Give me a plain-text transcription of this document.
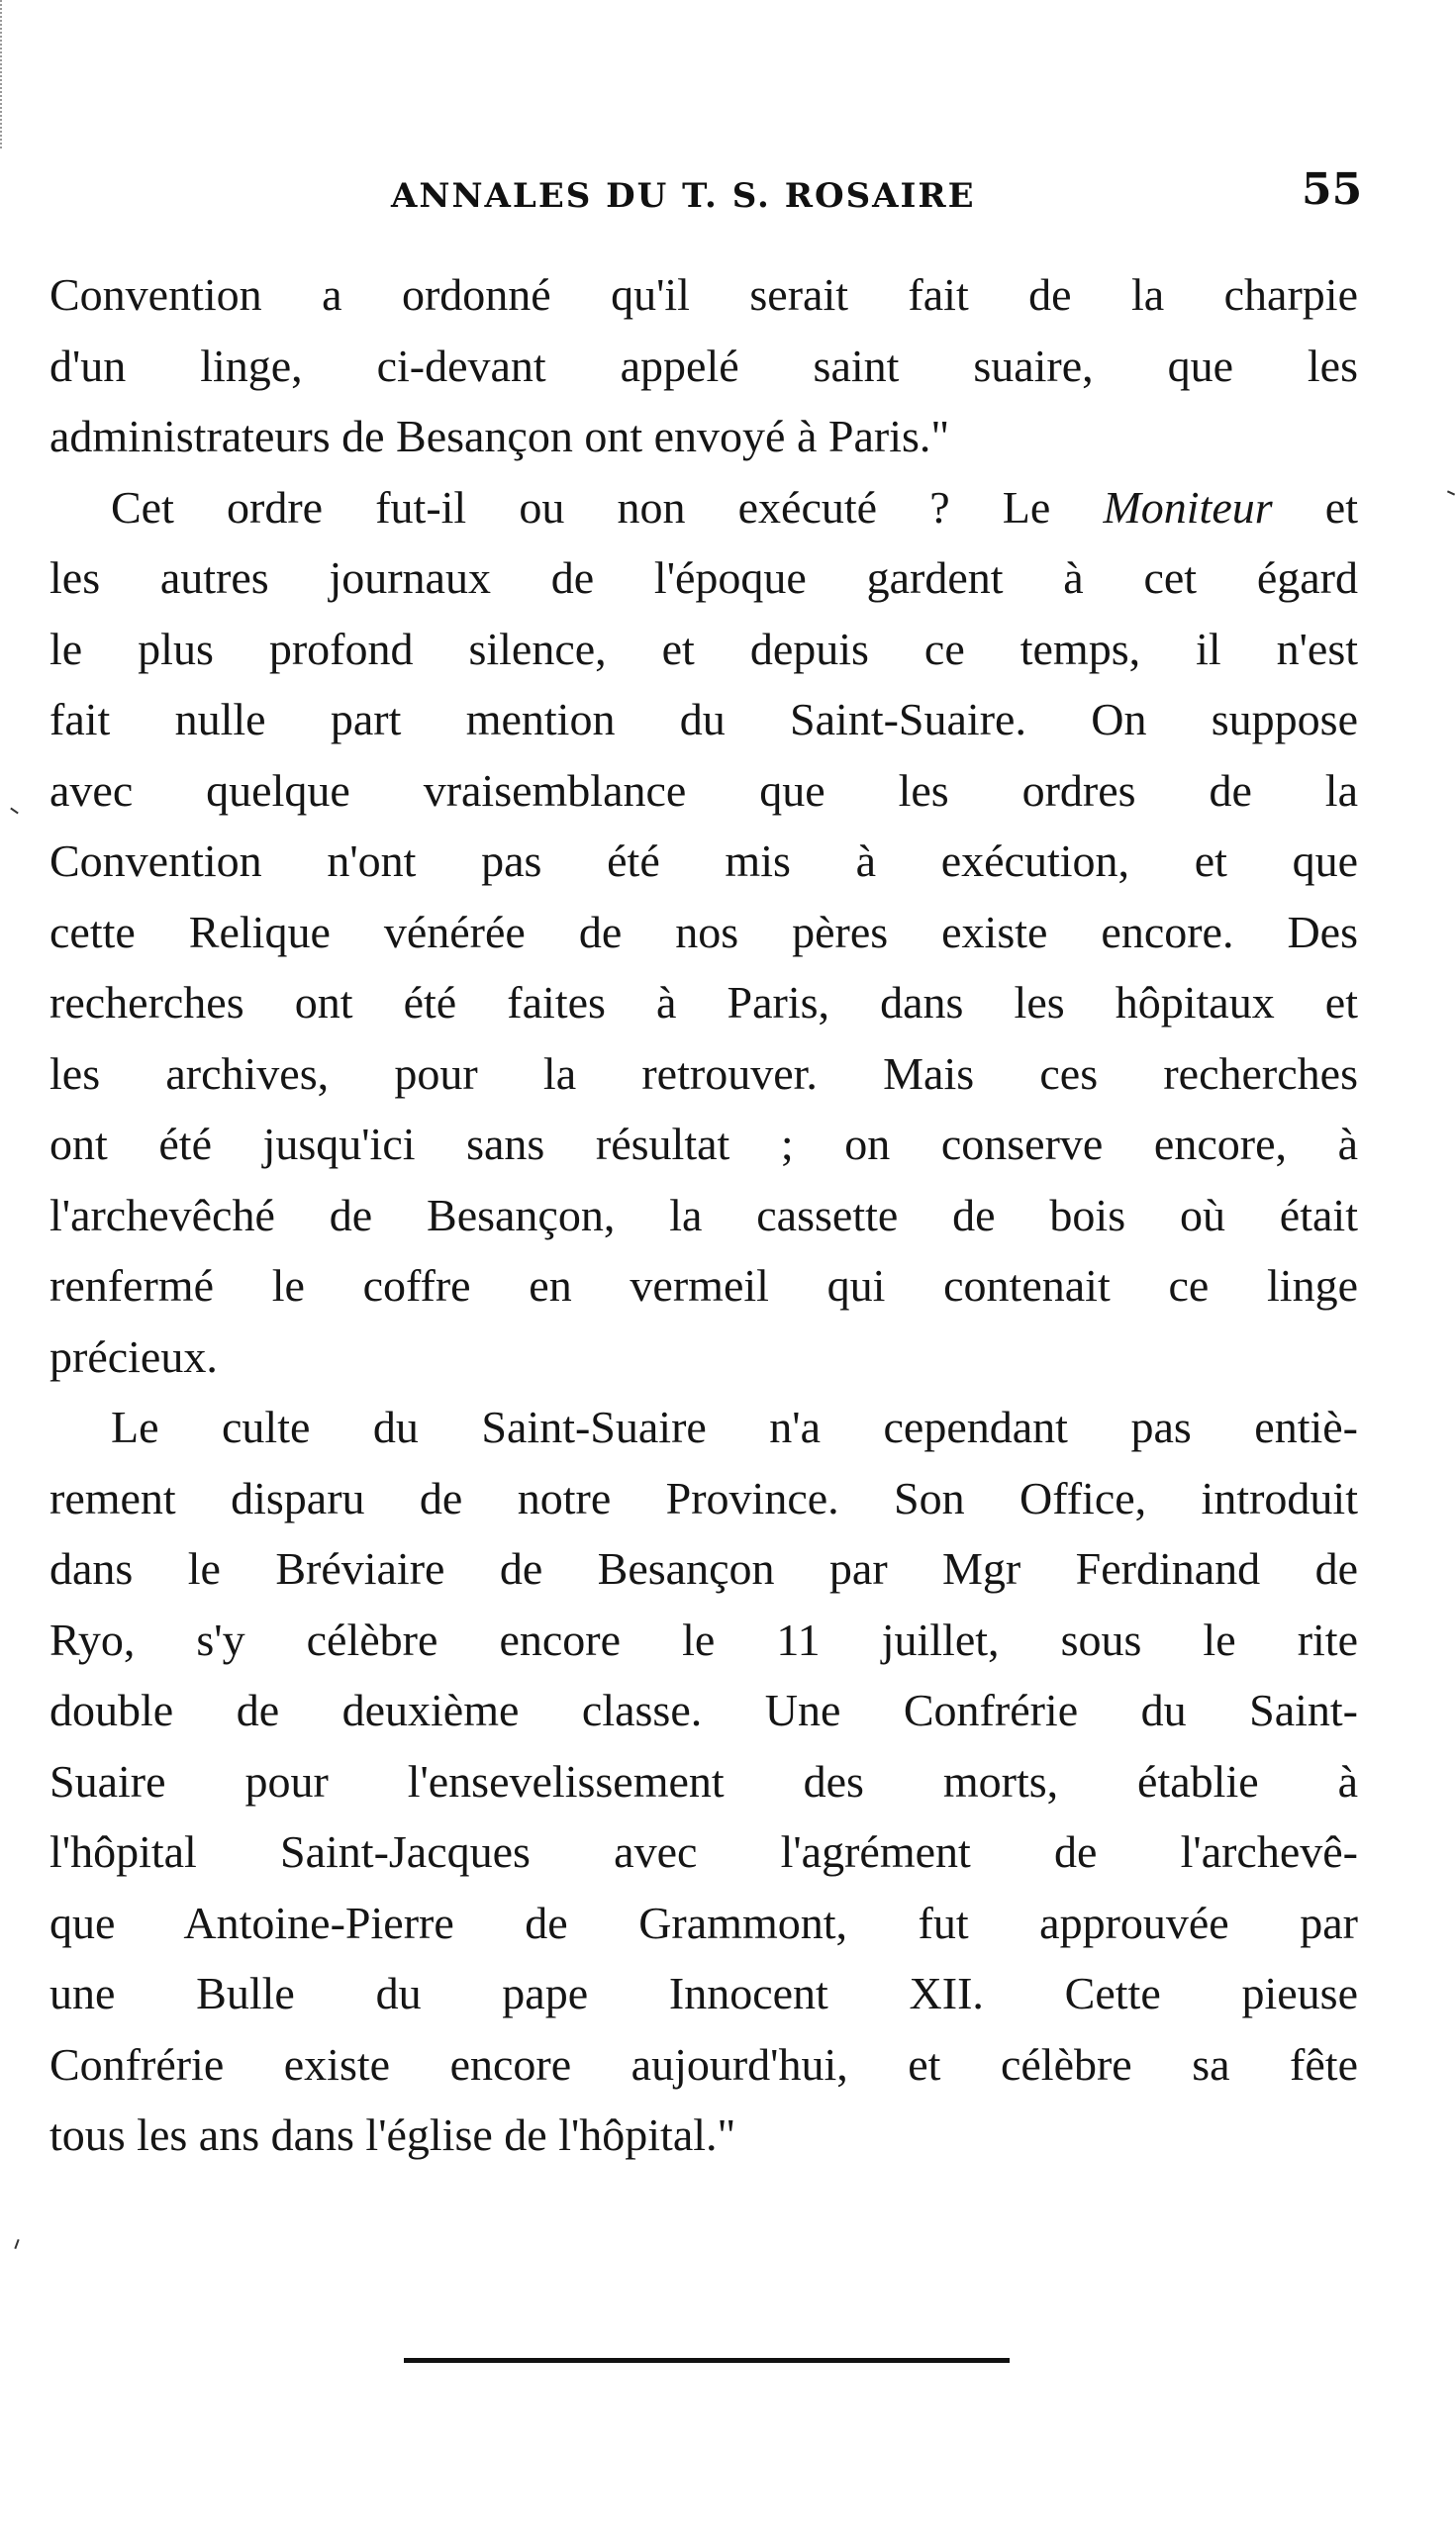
ANNALES DU T. S. ROSAIRE	55
Convention a ordonné qu'il serait fait de la charpie
d'un linge, ci-devant appelé saint suaire, que les
administrateurs de Besançon ont envoyé à Paris."
Cet ordre fut-il ou non exécuté ? Le Moniteur et
les autres journaux de l'époque gardent à cet égard
le plus profond silence, et depuis ce temps, il n'est
fait nulle part mention du Saint-Suaire. On suppose
avec quelque vraisemblance que les ordres de la
Convention n'ont pas été mis à exécution, et que
cette Relique vénérée de nos pères existe encore. Des
recherches ont été faites à Paris, dans les hôpitaux et
les archives, pour la retrouver. Mais ces recherches
ont été jusqu'ici sans résultat ; on conserve encore, à
l'archevêché de Besançon, la cassette de bois où était
renfermé le coffre en vermeil qui contenait ce linge
précieux.
Le culte du Saint-Suaire n'a cependant pas entiè-
rement disparu de notre Province. Son Office, introduit
dans le Bréviaire de Besançon par Mgr Ferdinand de
Ryo, s'y célèbre encore le 11 juillet, sous le rite
double de deuxième classe. Une Confrérie du Saint-
Suaire pour l'ensevelissement des morts, établie à
l'hôpital Saint-Jacques avec l'agrément de l'archevê-
que Antoine-Pierre de Grammont, fut approuvée par
une Bulle du pape Innocent XII. Cette pieuse
Confrérie existe encore aujourd'hui, et célèbre sa fête
tous les ans dans l'église de l'hôpital."
